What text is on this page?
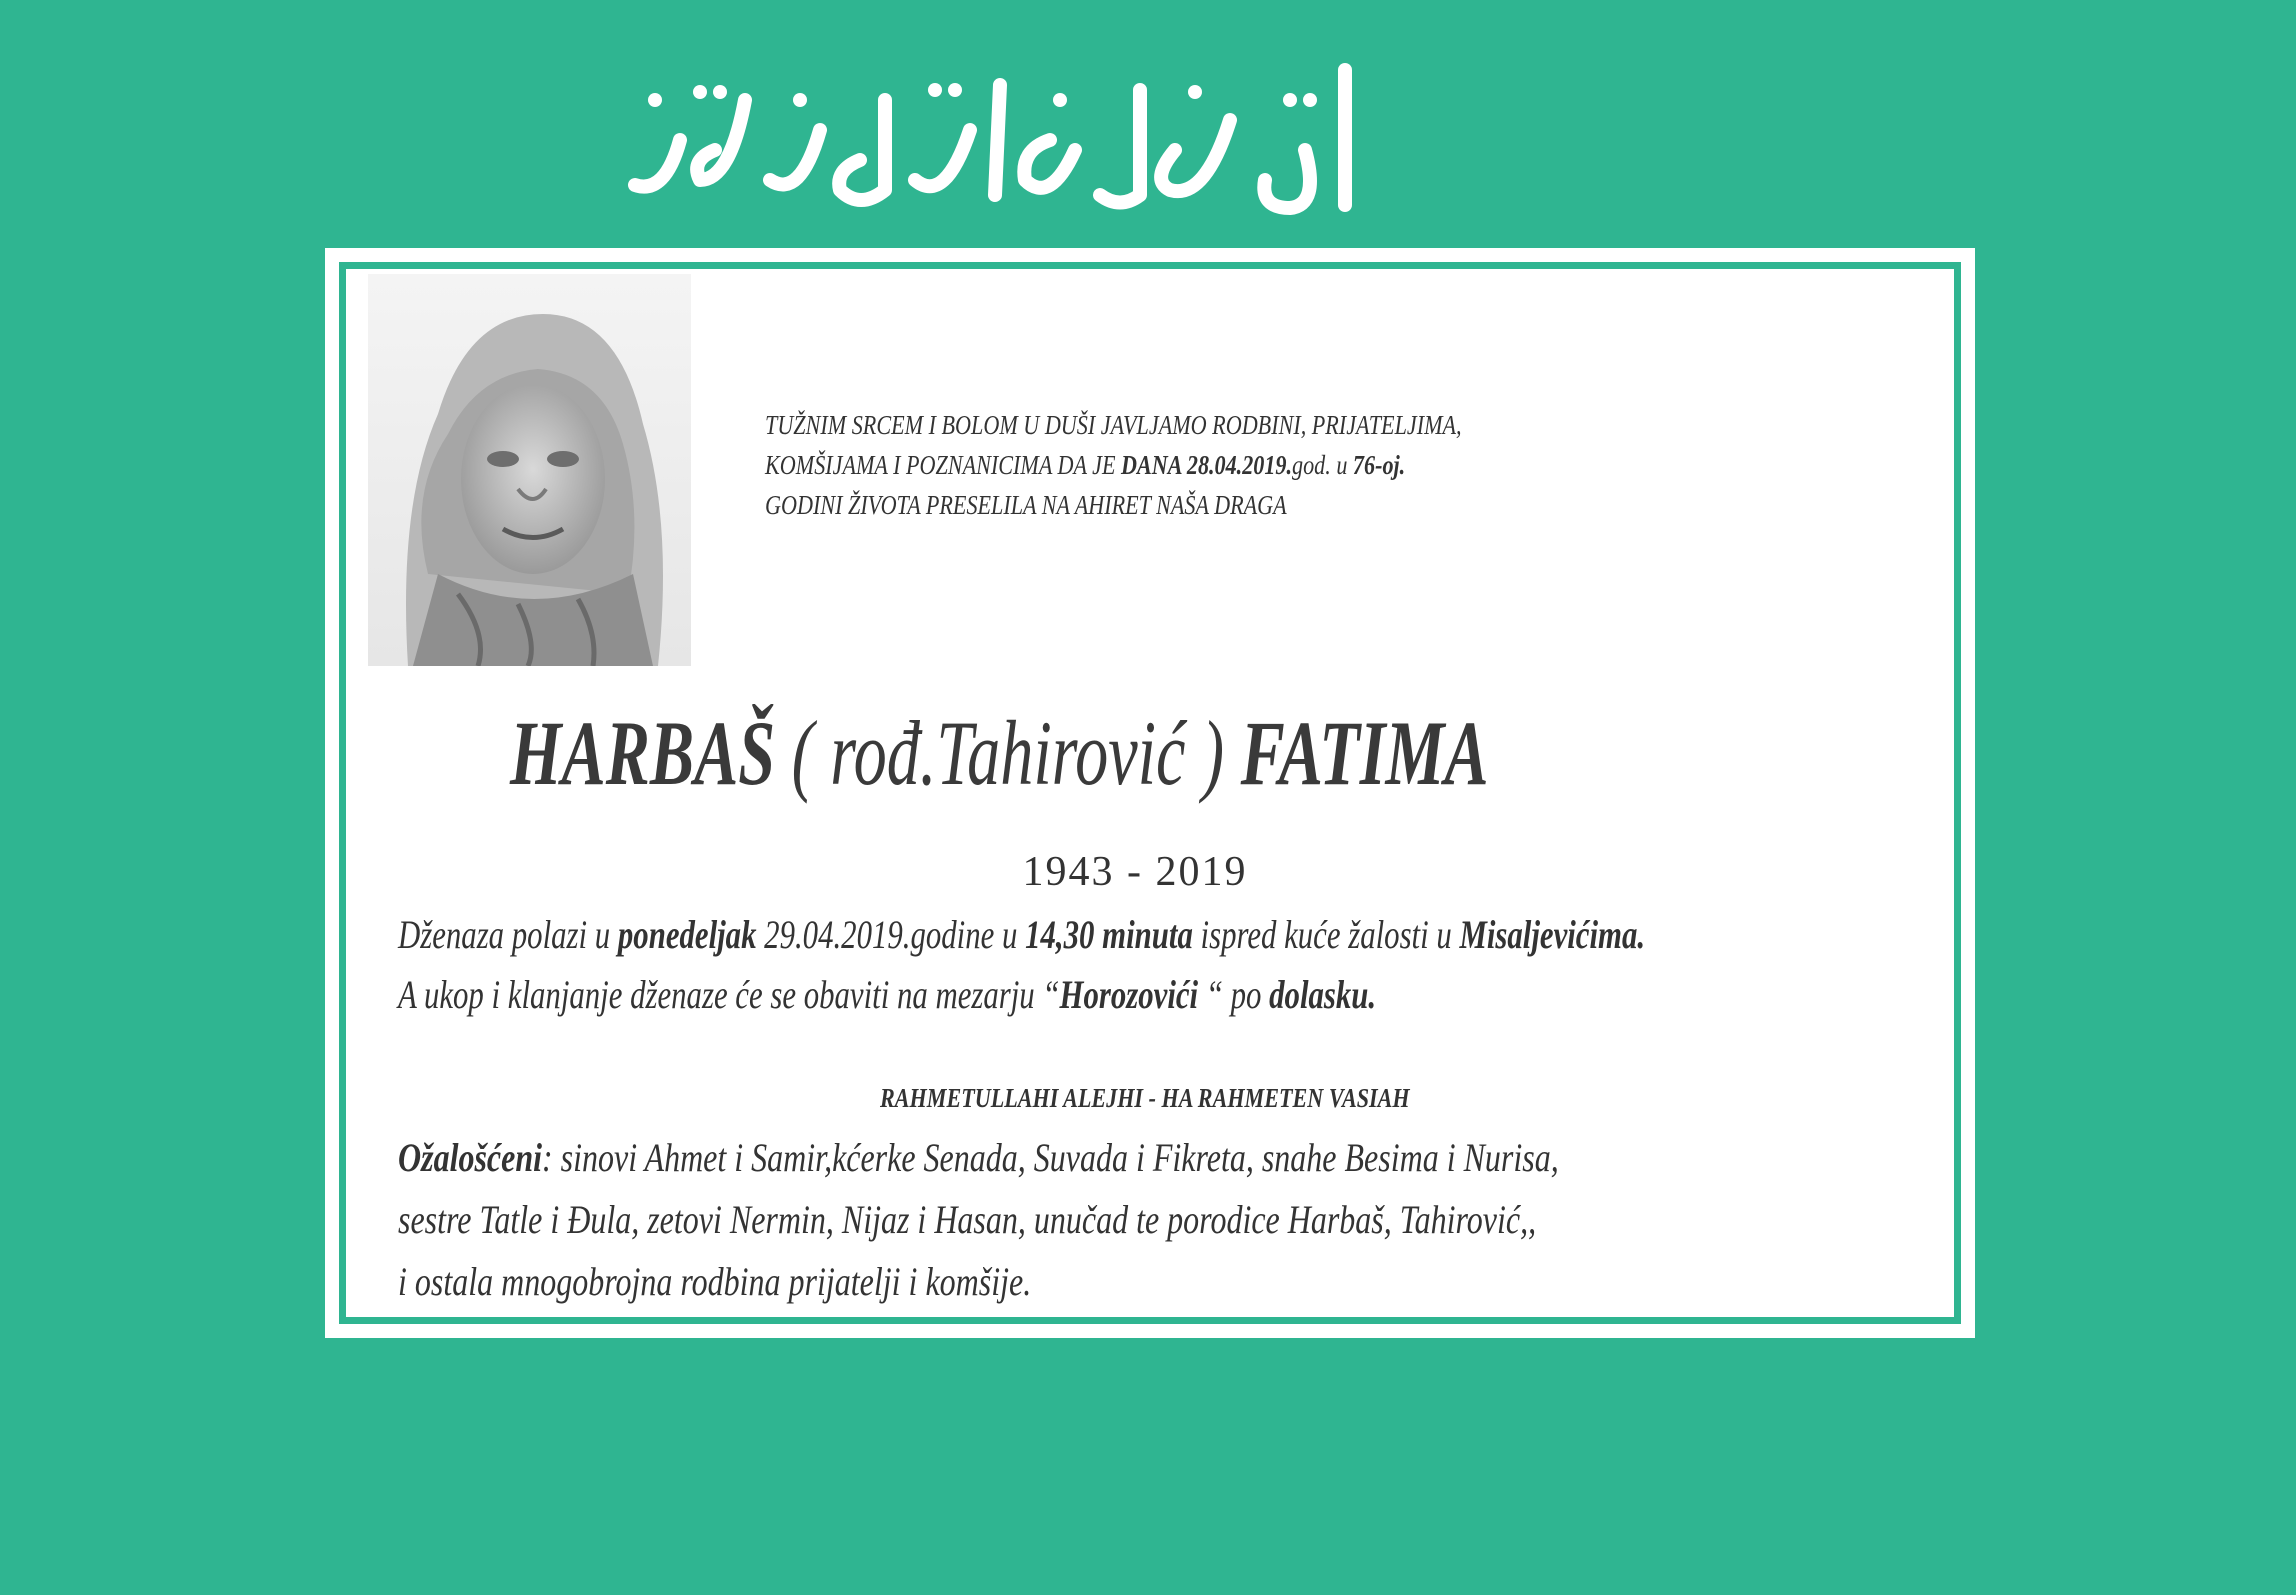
TUŽNIM SRCEM I BOLOM U DUŠI JAVLJAMO RODBINI, PRIJATELJIMA,
KOMŠIJAMA I POZNANICIMA DA JE DANA 28.04.2019.god. u 76-oj.
GODINI ŽIVOTA PRESELILA NA AHIRET NAŠA DRAGA
HARBAŠ ( rođ.Tahirović ) FATIMA
1943 - 2019
Dženaza polazi u ponedeljak 29.04.2019.godine u 14,30 minuta ispred kuće žalosti u Misaljevićima.
A ukop i klanjanje dženaze će se obaviti na mezarju “Horozovići “ po dolasku.
RAHMETULLAHI ALEJHI - HA RAHMETEN VASIAH
Ožalošćeni: sinovi Ahmet i Samir,kćerke Senada, Suvada i Fikreta, snahe Besima i Nurisa,
sestre Tatle i Đula, zetovi Nermin, Nijaz i Hasan, unučad te porodice Harbaš, Tahirović,,
i ostala mnogobrojna rodbina prijatelji i komšije.
